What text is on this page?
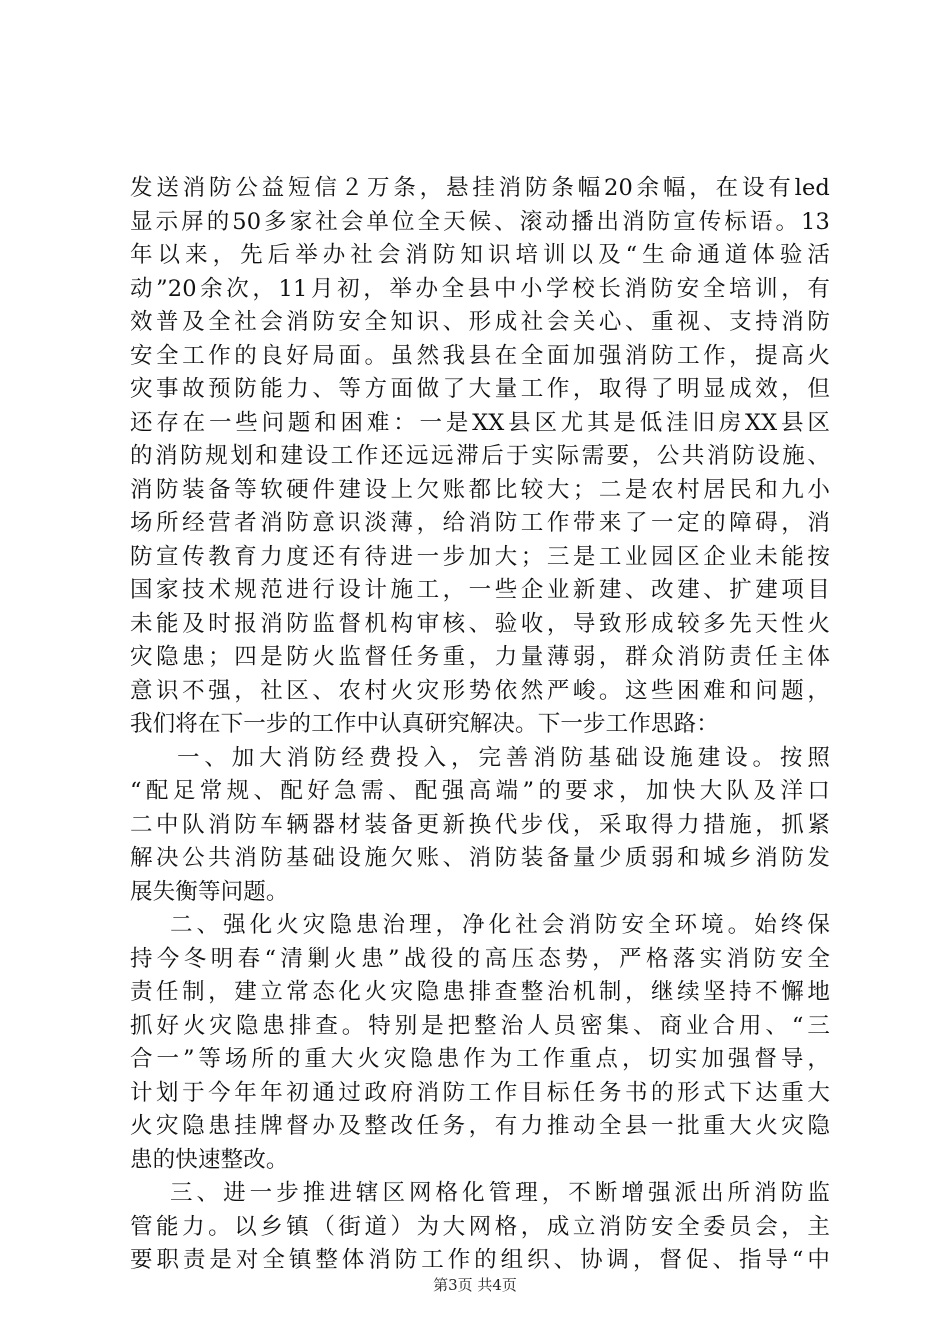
发送消防公益短信２万条，悬挂消防条幅20余幅，在设有led
显示屏的50多家社会单位全天候、滚动播出消防宣传标语。13
年以来，先后举办社会消防知识培训以及“生命通道体验活
动”20余次，11月初，举办全县中小学校长消防安全培训，有
效普及全社会消防安全知识、形成社会关心、重视、支持消防
安全工作的良好局面。虽然我县在全面加强消防工作，提高火
灾事故预防能力、等方面做了大量工作，取得了明显成效，但
还存在一些问题和困难：一是XX县区尤其是低洼旧房XX县区
的消防规划和建设工作还远远滞后于实际需要，公共消防设施、
消防装备等软硬件建设上欠账都比较大；二是农村居民和九小
场所经营者消防意识淡薄，给消防工作带来了一定的障碍，消
防宣传教育力度还有待进一步加大；三是工业园区企业未能按
国家技术规范进行设计施工，一些企业新建、改建、扩建项目
未能及时报消防监督机构审核、验收，导致形成较多先天性火
灾隐患；四是防火监督任务重，力量薄弱，群众消防责任主体
意识不强，社区、农村火灾形势依然严峻。这些困难和问题，
我们将在下一步的工作中认真研究解决。下一步工作思路：
一、加大消防经费投入，完善消防基础设施建设。按照
“配足常规、配好急需、配强高端”的要求，加快大队及洋口
二中队消防车辆器材装备更新换代步伐，采取得力措施，抓紧
解决公共消防基础设施欠账、消防装备量少质弱和城乡消防发
展失衡等问题。
二、强化火灾隐患治理，净化社会消防安全环境。始终保
持今冬明春“清剿火患”战役的高压态势，严格落实消防安全
责任制，建立常态化火灾隐患排查整治机制，继续坚持不懈地
抓好火灾隐患排查。特别是把整治人员密集、商业合用、“三
合一”等场所的重大火灾隐患作为工作重点，切实加强督导，
计划于今年年初通过政府消防工作目标任务书的形式下达重大
火灾隐患挂牌督办及整改任务，有力推动全县一批重大火灾隐
患的快速整改。
三、进一步推进辖区网格化管理，不断增强派出所消防监
管能力。以乡镇（街道）为大网格，成立消防安全委员会，主
要职责是对全镇整体消防工作的组织、协调，督促、指导“中
第3页 共4页
